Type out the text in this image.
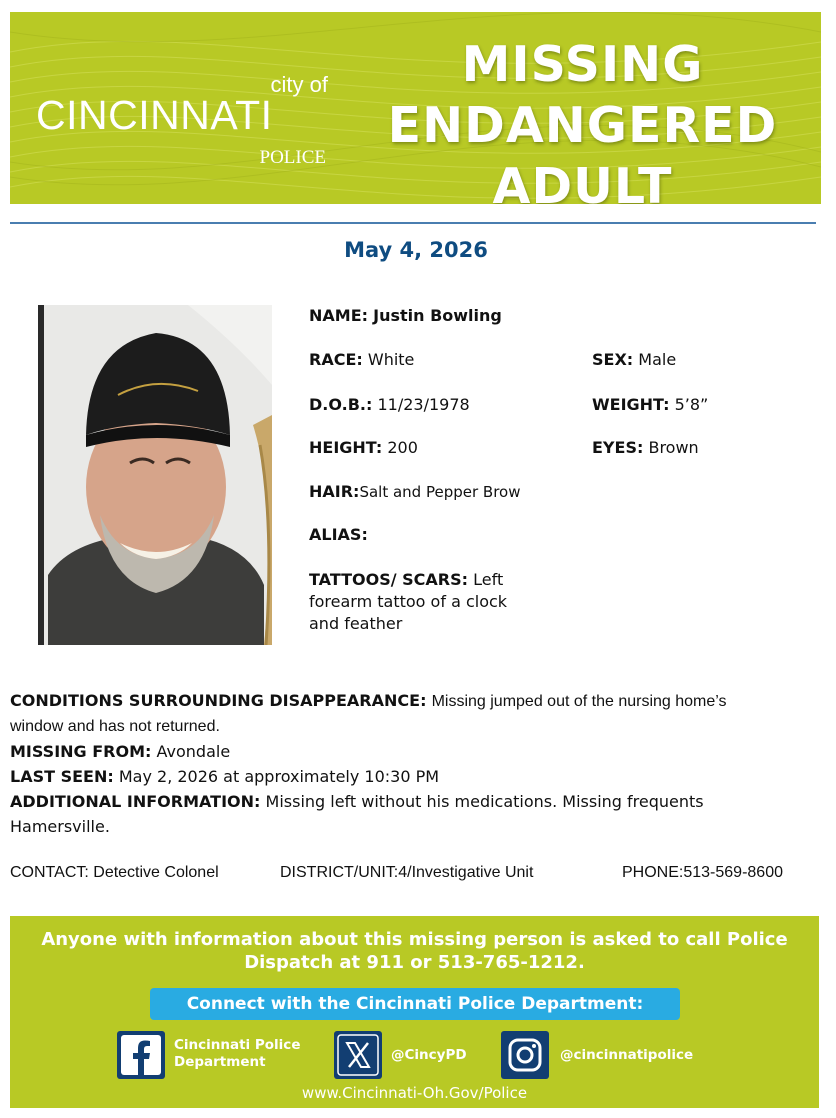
city of
CINCINNATI
POLICE
MISSING
ENDANGERED
ADULT
May 4, 2026
NAME: Justin Bowling
RACE: White	SEX: Male
D.O.B.: 11/23/1978	WEIGHT: 5’8”
HEIGHT: 200	EYES: Brown
HAIR:Salt and Pepper Brow
ALIAS:
TATTOOS/ SCARS: Left
forearm tattoo of a clock
and feather
CONDITIONS SURROUNDING DISAPPEARANCE: Missing jumped out of the nursing home’s
window and has not returned.
MISSING FROM: Avondale
LAST SEEN: May 2, 2026 at approximately 10:30 PM
ADDITIONAL INFORMATION: Missing left without his medications. Missing frequents
Hamersville.
CONTACT: Detective Colonel	DISTRICT/UNIT:4/Investigative Unit	PHONE:513-569-8600
Anyone with information about this missing person is asked to call Police
Dispatch at 911 or 513-765-1212.
Connect with the Cincinnati Police Department:
Cincinnati Police
Department	@CincyPD	@cincinnatipolice
www.Cincinnati-Oh.Gov/Police
